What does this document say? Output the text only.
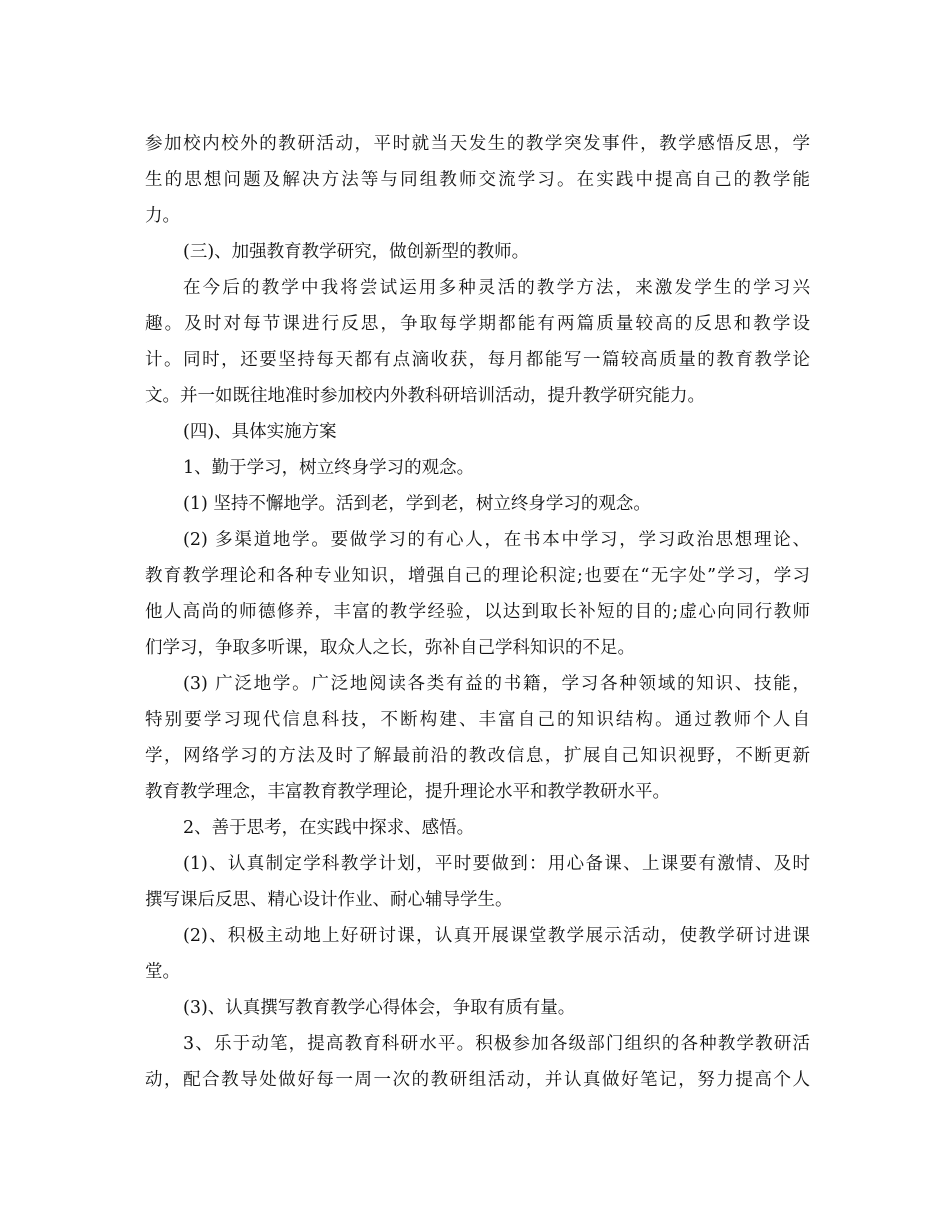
参加校内校外的教研活动，平时就当天发生的教学突发事件，教学感悟反思，学
生的思想问题及解决方法等与同组教师交流学习。在实践中提高自己的教学能
力。
(三)、加强教育教学研究，做创新型的教师。
在今后的教学中我将尝试运用多种灵活的教学方法，来激发学生的学习兴
趣。及时对每节课进行反思，争取每学期都能有两篇质量较高的反思和教学设
计。同时，还要坚持每天都有点滴收获，每月都能写一篇较高质量的教育教学论
文。并一如既往地准时参加校内外教科研培训活动，提升教学研究能力。
(四)、具体实施方案
1、勤于学习，树立终身学习的观念。
(1) 坚持不懈地学。活到老，学到老，树立终身学习的观念。
(2) 多渠道地学。要做学习的有心人，在书本中学习，学习政治思想理论、
教育教学理论和各种专业知识，增强自己的理论积淀;也要在“无字处”学习，学习
他人高尚的师德修养，丰富的教学经验，以达到取长补短的目的;虚心向同行教师
们学习，争取多听课，取众人之长，弥补自己学科知识的不足。
(3) 广泛地学。广泛地阅读各类有益的书籍，学习各种领域的知识、技能，
特别要学习现代信息科技，不断构建、丰富自己的知识结构。通过教师个人自
学，网络学习的方法及时了解最前沿的教改信息，扩展自己知识视野，不断更新
教育教学理念，丰富教育教学理论，提升理论水平和教学教研水平。
2、善于思考，在实践中探求、感悟。
(1)、认真制定学科教学计划，平时要做到：用心备课、上课要有激情、及时
撰写课后反思、精心设计作业、耐心辅导学生。
(2)、积极主动地上好研讨课，认真开展课堂教学展示活动，使教学研讨进课
堂。
(3)、认真撰写教育教学心得体会，争取有质有量。
3、乐于动笔，提高教育科研水平。积极参加各级部门组织的各种教学教研活
动，配合教导处做好每一周一次的教研组活动，并认真做好笔记，努力提高个人
